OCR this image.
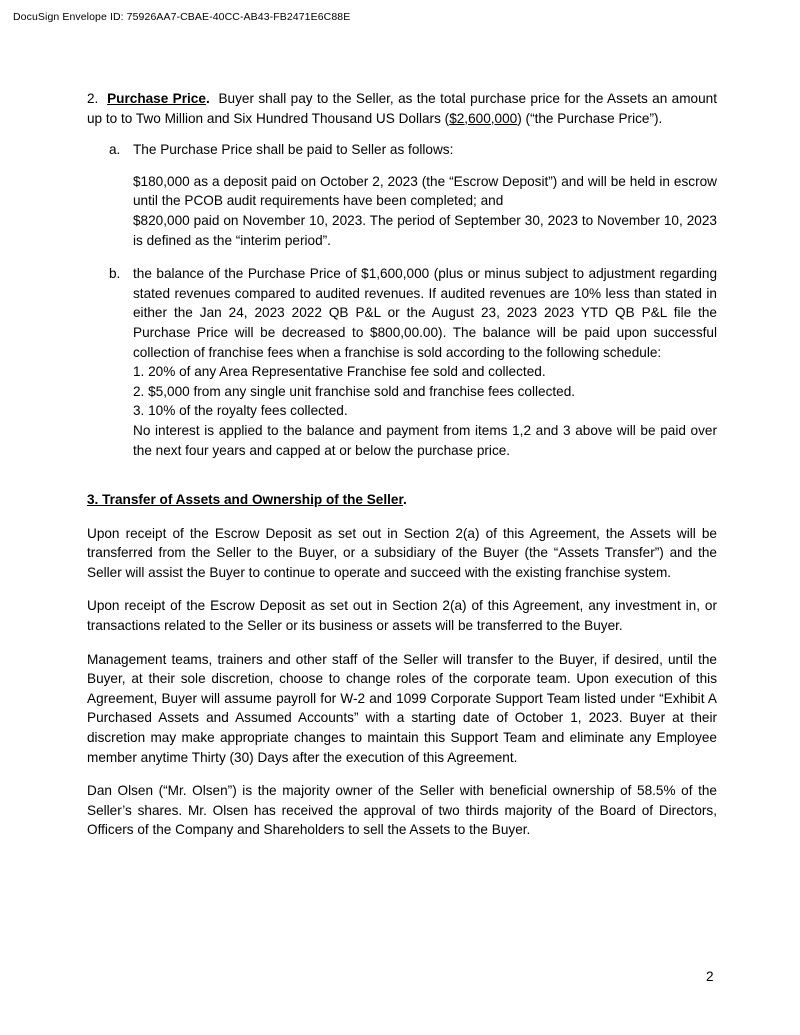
DocuSign Envelope ID: 75926AA7-CBAE-40CC-AB43-FB2471E6C88E

2. Purchase Price. Buyer shall pay to the Seller, as the total purchase price for the Assets an amount up to to Two Million and Six Hundred Thousand US Dollars ($2,600,000) (“the Purchase Price”).

a. The Purchase Price shall be paid to Seller as follows:

$180,000 as a deposit paid on October 2, 2023 (the “Escrow Deposit”) and will be held in escrow until the PCOB audit requirements have been completed; and

$820,000 paid on November 10, 2023. The period of September 30, 2023 to November 10, 2023 is defined as the “interim period”.

b. the balance of the Purchase Price of $1,600,000 (plus or minus subject to adjustment regarding stated revenues compared to audited revenues. If audited revenues are 10% less than stated in either the Jan 24, 2023 2022 QB P&L or the August 23, 2023 2023 YTD QB P&L file the Purchase Price will be decreased to $800,00.00). The balance will be paid upon successful collection of franchise fees when a franchise is sold according to the following schedule:

1. 20% of any Area Representative Franchise fee sold and collected.
2. $5,000 from any single unit franchise sold and franchise fees collected.
3. 10% of the royalty fees collected.

No interest is applied to the balance and payment from items 1,2 and 3 above will be paid over the next four years and capped at or below the purchase price.

3. Transfer of Assets and Ownership of the Seller.

Upon receipt of the Escrow Deposit as set out in Section 2(a) of this Agreement, the Assets will be transferred from the Seller to the Buyer, or a subsidiary of the Buyer (the “Assets Transfer”) and the Seller will assist the Buyer to continue to operate and succeed with the existing franchise system.

Upon receipt of the Escrow Deposit as set out in Section 2(a) of this Agreement, any investment in, or transactions related to the Seller or its business or assets will be transferred to the Buyer.

Management teams, trainers and other staff of the Seller will transfer to the Buyer, if desired, until the Buyer, at their sole discretion, choose to change roles of the corporate team. Upon execution of this Agreement, Buyer will assume payroll for W-2 and 1099 Corporate Support Team listed under “Exhibit A Purchased Assets and Assumed Accounts” with a starting date of October 1, 2023. Buyer at their discretion may make appropriate changes to maintain this Support Team and eliminate any Employee member anytime Thirty (30) Days after the execution of this Agreement.

Dan Olsen (“Mr. Olsen”) is the majority owner of the Seller with beneficial ownership of 58.5% of the Seller’s shares. Mr. Olsen has received the approval of two thirds majority of the Board of Directors, Officers of the Company and Shareholders to sell the Assets to the Buyer.

2
